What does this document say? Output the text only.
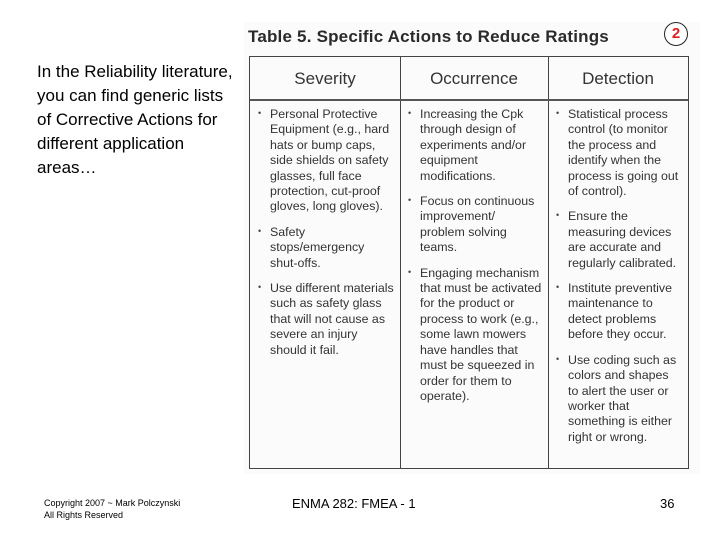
In the Reliability literature, you can find generic lists of Corrective Actions for different application areas…
Table 5. Specific Actions to Reduce Ratings	2
Severity
• Personal Protective Equipment (e.g., hard hats or bump caps, side shields on safety glasses, full face protection, cut-proof gloves, long gloves).
• Safety stops/emergency shut-offs.
• Use different materials such as safety glass that will not cause as severe an injury should it fail.
Occurrence
• Increasing the Cpk through design of experiments and/or equipment modifications.
• Focus on continuous improvement/ problem solving teams.
• Engaging mechanism that must be activated for the product or process to work (e.g., some lawn mowers have handles that must be squeezed in order for them to operate).
Detection
• Statistical process control (to monitor the process and identify when the process is going out of control).
• Ensure the measuring devices are accurate and regularly calibrated.
• Institute preventive maintenance to detect problems before they occur.
• Use coding such as colors and shapes to alert the user or worker that something is either right or wrong.
Copyright 2007 ~ Mark Polczynski
All Rights Reserved
ENMA 282: FMEA - 1	36
